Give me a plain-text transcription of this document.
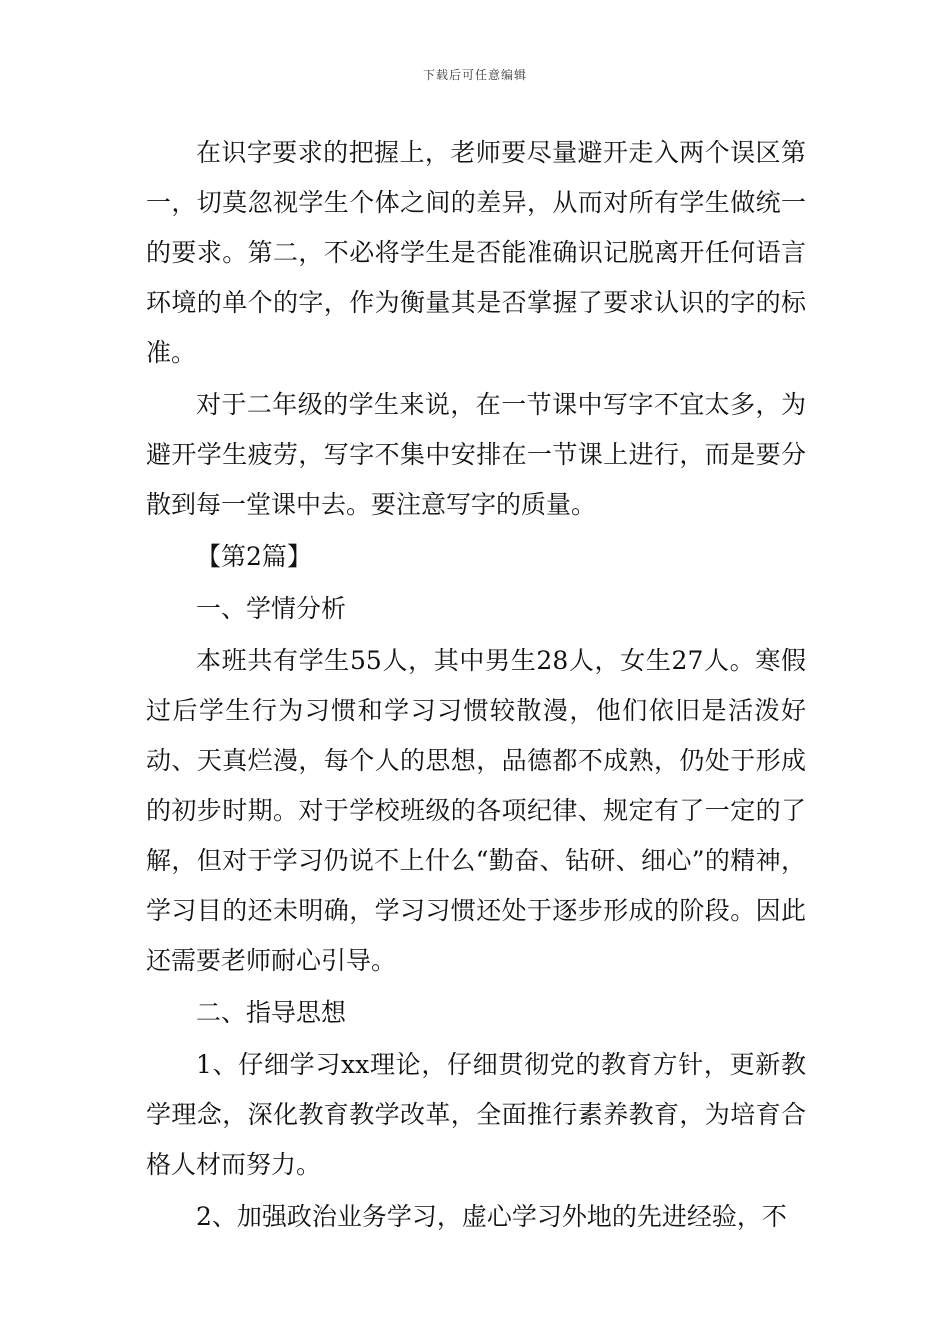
下载后可任意编辑

在识字要求的把握上，老师要尽量避开走入两个误区第一，切莫忽视学生个体之间的差异，从而对所有学生做统一的要求。第二，不必将学生是否能准确识记脱离开任何语言环境的单个的字，作为衡量其是否掌握了要求认识的字的标准。

对于二年级的学生来说，在一节课中写字不宜太多，为避开学生疲劳，写字不集中安排在一节课上进行，而是要分散到每一堂课中去。要注意写字的质量。

【第2篇】

一、学情分析

本班共有学生55人，其中男生28人，女生27人。寒假过后学生行为习惯和学习习惯较散漫，他们依旧是活泼好动、天真烂漫，每个人的思想，品德都不成熟，仍处于形成的初步时期。对于学校班级的各项纪律、规定有了一定的了解，但对于学习仍说不上什么“勤奋、钻研、细心”的精神，学习目的还未明确，学习习惯还处于逐步形成的阶段。因此还需要老师耐心引导。

二、指导思想

1、仔细学习xx理论，仔细贯彻党的教育方针，更新教学理念，深化教育教学改革，全面推行素养教育，为培育合格人材而努力。

2、加强政治业务学习，虚心学习外地的先进经验，不
